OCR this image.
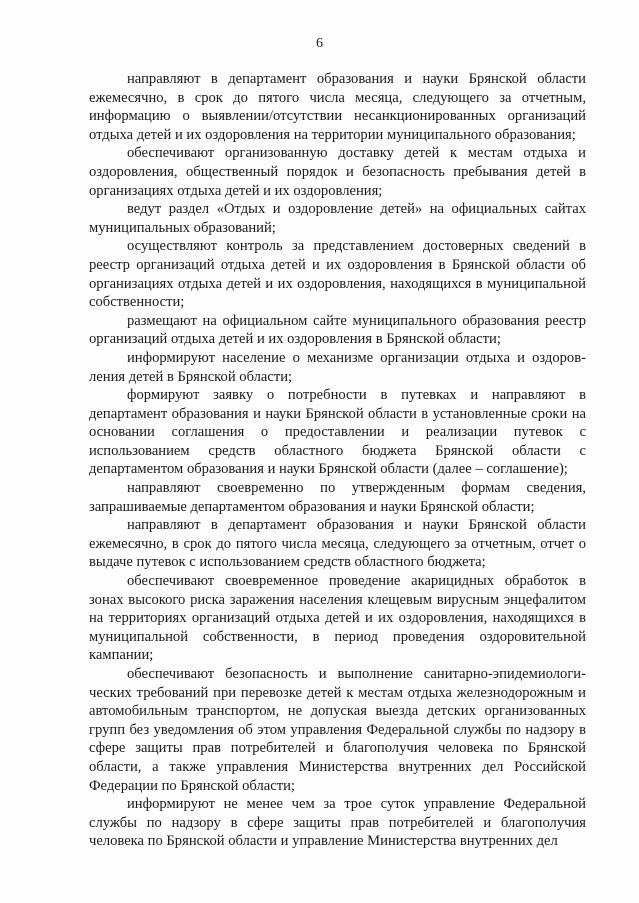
6

направляют в департамент образования и науки Брянской области ежемесячно, в срок до пятого числа месяца, следующего за отчетным, информацию о выявлении/отсутствии несанкционированных организаций отдыха детей и их оздоровления на территории муниципального образования;

обеспечивают организованную доставку детей к местам отдыха и оздоровления, общественный порядок и безопасность пребывания детей в организациях отдыха детей и их оздоровления;

ведут раздел «Отдых и оздоровление детей» на официальных сайтах муниципальных образований;

осуществляют контроль за представлением достоверных сведений в реестр организаций отдыха детей и их оздоровления в Брянской области об организациях отдыха детей и их оздоровления, находящихся в муниципальной собственности;

размещают на официальном сайте муниципального образования реестр организаций отдыха детей и их оздоровления в Брянской области;

информируют население о механизме организации отдыха и оздоровления детей в Брянской области;

формируют заявку о потребности в путевках и направляют в департамент образования и науки Брянской области в установленные сроки на основании соглашения о предоставлении и реализации путевок с использованием средств областного бюджета Брянской области с департаментом образования и науки Брянской области (далее – соглашение);

направляют своевременно по утвержденным формам сведения, запрашиваемые департаментом образования и науки Брянской области;

направляют в департамент образования и науки Брянской области ежемесячно, в срок до пятого числа месяца, следующего за отчетным, отчет о выдаче путевок с использованием средств областного бюджета;

обеспечивают своевременное проведение акарицидных обработок в зонах высокого риска заражения населения клещевым вирусным энцефалитом на территориях организаций отдыха детей и их оздоровления, находящихся в муниципальной собственности, в период проведения оздоровительной кампании;

обеспечивают безопасность и выполнение санитарно-эпидемиологических требований при перевозке детей к местам отдыха железнодорожным и автомобильным транспортом, не допуская выезда детских организованных групп без уведомления об этом управления Федеральной службы по надзору в сфере защиты прав потребителей и благополучия человека по Брянской области, а также управления Министерства внутренних дел Российской Федерации по Брянской области;

информируют не менее чем за трое суток управление Федеральной службы по надзору в сфере защиты прав потребителей и благополучия человека по Брянской области и управление Министерства внутренних дел
